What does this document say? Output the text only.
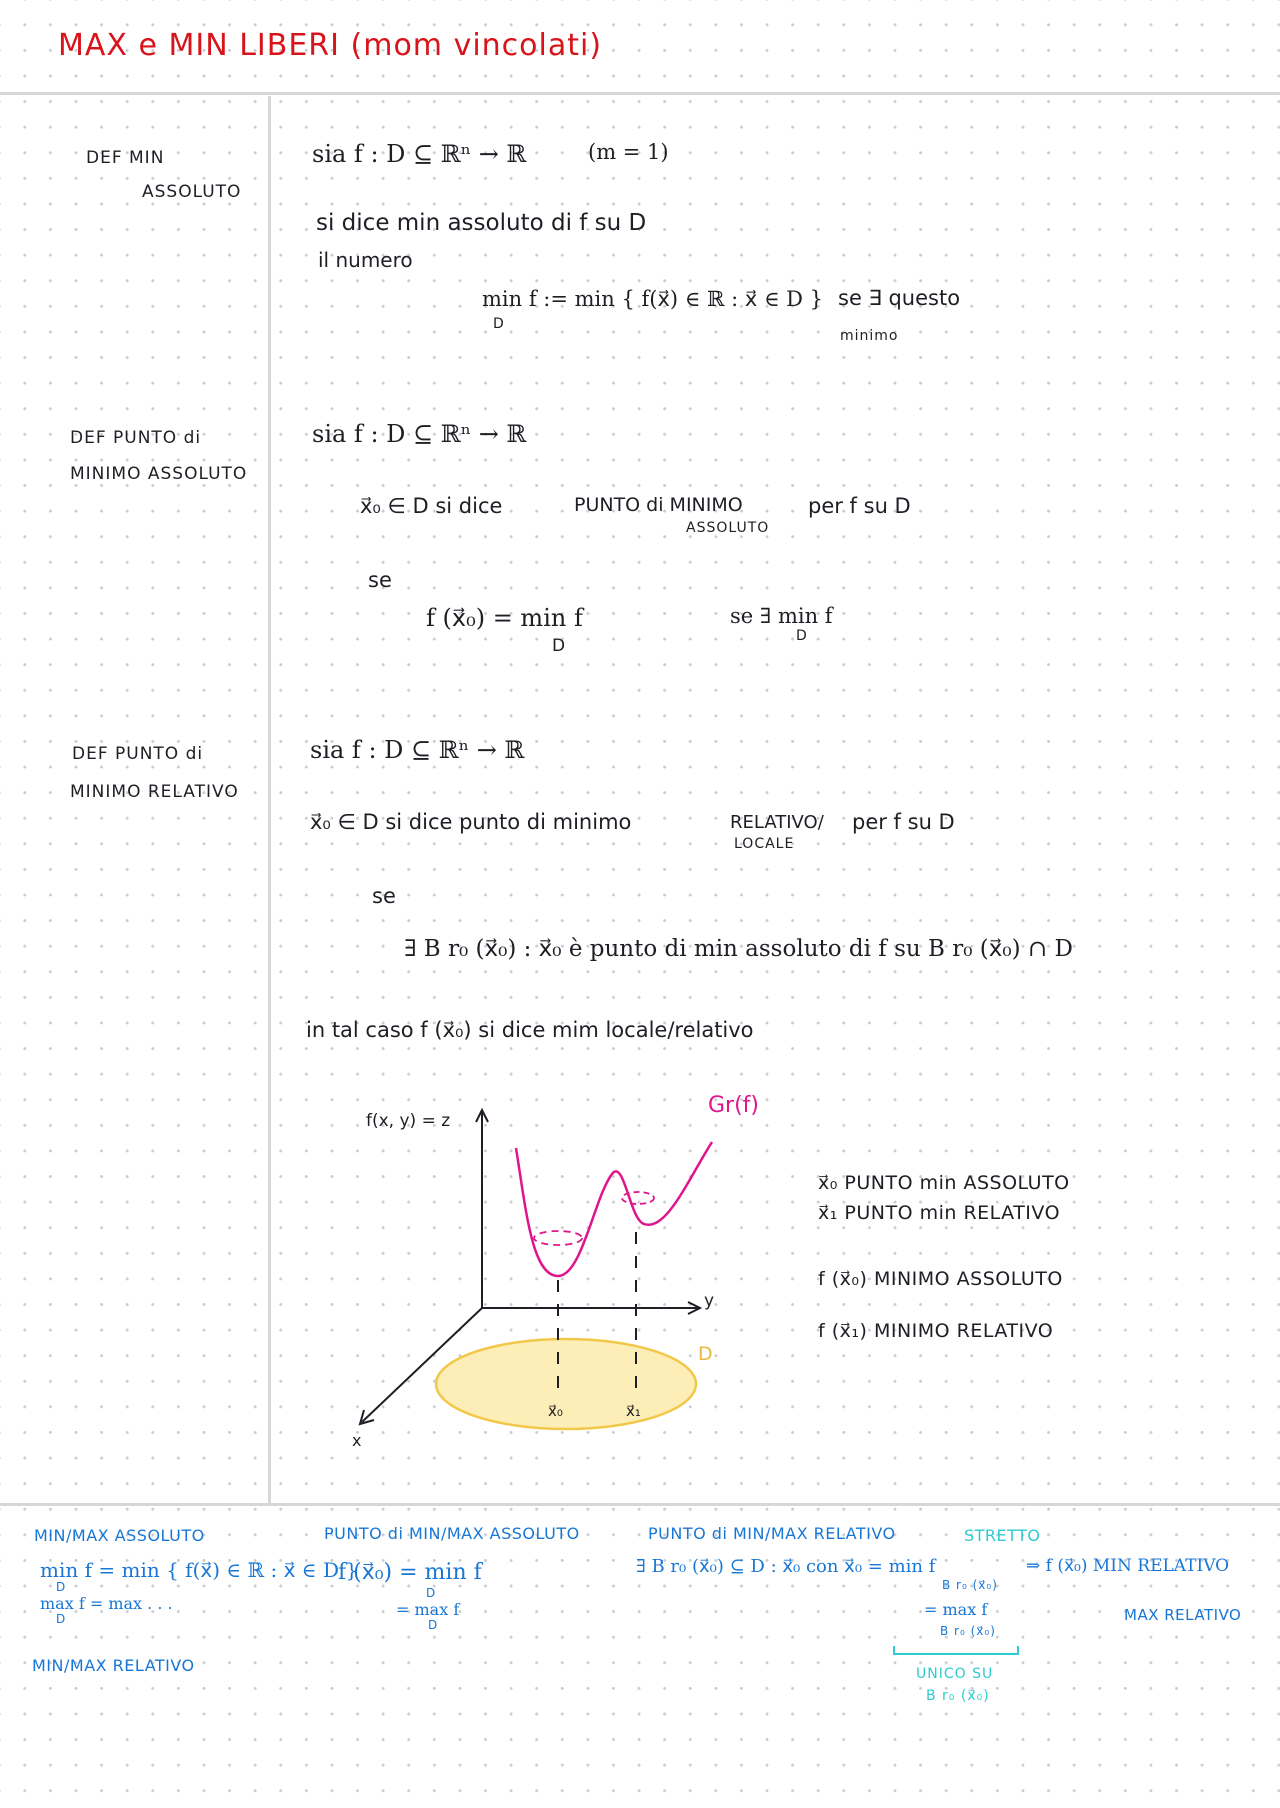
MAX e MIN LIBERI (mom vincolati)
DEF MIN
ASSOLUTO
sia f : D ⊆ ℝⁿ → ℝ	(m = 1)
si dice min assoluto di f su D
il numero
min f := min { f(x⃗) ∈ ℝ : x⃗ ∈ D }
D
se ∃ questo
minimo
DEF PUNTO di
MINIMO ASSOLUTO
sia f : D ⊆ ℝⁿ → ℝ
x⃗₀ ∈ D si dice	PUNTO di MINIMO
ASSOLUTO
per f su D
se
f (x⃗₀) = min f
D
se ∃ min f
D
DEF PUNTO di
MINIMO RELATIVO
sia f : D ⊆ ℝⁿ → ℝ
x⃗₀ ∈ D si dice punto di minimo	RELATIVO/
LOCALE
per f su D
se
∃ B r₀ (x⃗₀) : x⃗₀ è punto di min assoluto di f su B r₀ (x⃗₀) ∩ D
in tal caso f (x⃗₀) si dice mim locale/relativo
f(x, y) = z
Gr(f)
y
x
D
x⃗₀	x⃗₁
x⃗₀ PUNTO min ASSOLUTO
x⃗₁ PUNTO min RELATIVO
f (x⃗₀) MINIMO ASSOLUTO
f (x⃗₁) MINIMO RELATIVO
MIN/MAX ASSOLUTO
min f = min { f(x⃗) ∈ ℝ : x⃗ ∈ D }
D
max f = max . . .
D
MIN/MAX RELATIVO
PUNTO di MIN/MAX ASSOLUTO
f (x⃗₀) = min f
D
= max f
D
PUNTO di MIN/MAX RELATIVO	STRETTO
∃ B r₀ (x⃗₀) ⊆ D : x⃗₀ con x⃗₀ = min f
B r₀ (x⃗₀)
⇒ f (x⃗₀) MIN RELATIVO
= max f
B r₀ (x⃗₀)
MAX RELATIVO
UNICO SU
B r₀ (x⃗₀)
